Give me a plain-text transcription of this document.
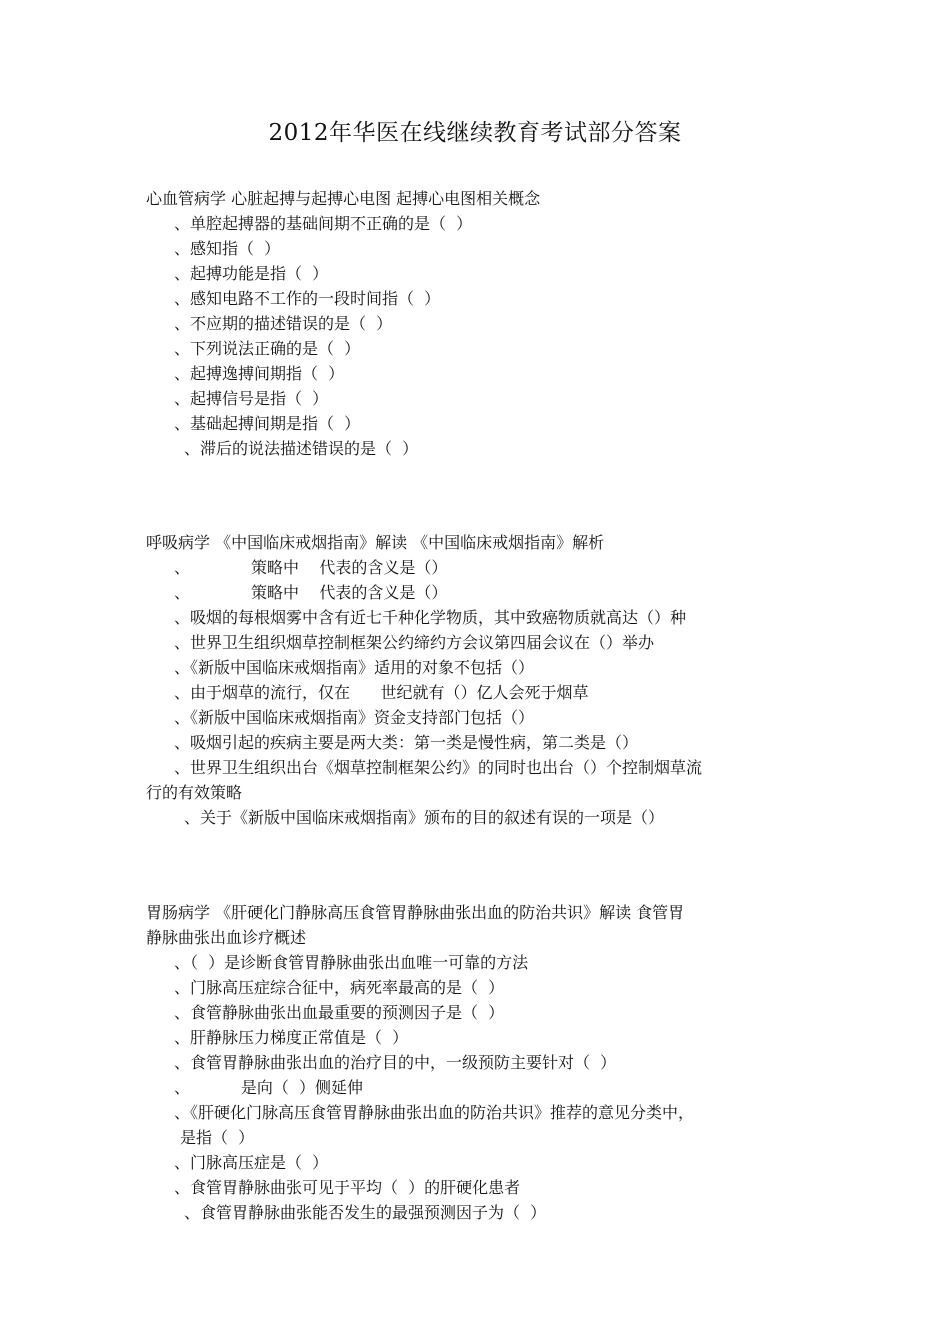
2012年华医在线继续教育考试部分答案
心血管病学 心脏起搏与起搏心电图 起搏心电图相关概念
、单腔起搏器的基础间期不正确的是（  ）
、感知指（  ）
、起搏功能是指（  ）
、感知电路不工作的一段时间指（  ）
、不应期的描述错误的是（  ）
、下列说法正确的是（  ）
、起搏逸搏间期指（  ）
、起搏信号是指（  ）
、基础起搏间期是指（  ）
、滞后的说法描述错误的是（  ）
呼吸病学 《中国临床戒烟指南》解读 《中国临床戒烟指南》解析
、            策略中    代表的含义是（）
、            策略中    代表的含义是（）
、吸烟的每根烟雾中含有近七千种化学物质，其中致癌物质就高达（）种
、世界卫生组织烟草控制框架公约缔约方会议第四届会议在（）举办
、《新版中国临床戒烟指南》适用的对象不包括（）
、由于烟草的流行，仅在      世纪就有（）亿人会死于烟草
、《新版中国临床戒烟指南》资金支持部门包括（）
、吸烟引起的疾病主要是两大类：第一类是慢性病，第二类是（）
、世界卫生组织出台《烟草控制框架公约》的同时也出台（）个控制烟草流
行的有效策略
、关于《新版中国临床戒烟指南》颁布的目的叙述有误的一项是（）
胃肠病学 《肝硬化门静脉高压食管胃静脉曲张出血的防治共识》解读 食管胃
静脉曲张出血诊疗概述
、（  ）是诊断食管胃静脉曲张出血唯一可靠的方法
、门脉高压症综合征中，病死率最高的是（  ）
、食管静脉曲张出血最重要的预测因子是（  ）
、肝静脉压力梯度正常值是（  ）
、食管胃静脉曲张出血的治疗目的中，一级预防主要针对（  ）
、          是向（  ）侧延伸
、《肝硬化门脉高压食管胃静脉曲张出血的防治共识》推荐的意见分类中，
是指（  ）
、门脉高压症是（  ）
、食管胃静脉曲张可见于平均（  ）的肝硬化患者
、食管胃静脉曲张能否发生的最强预测因子为（  ）
